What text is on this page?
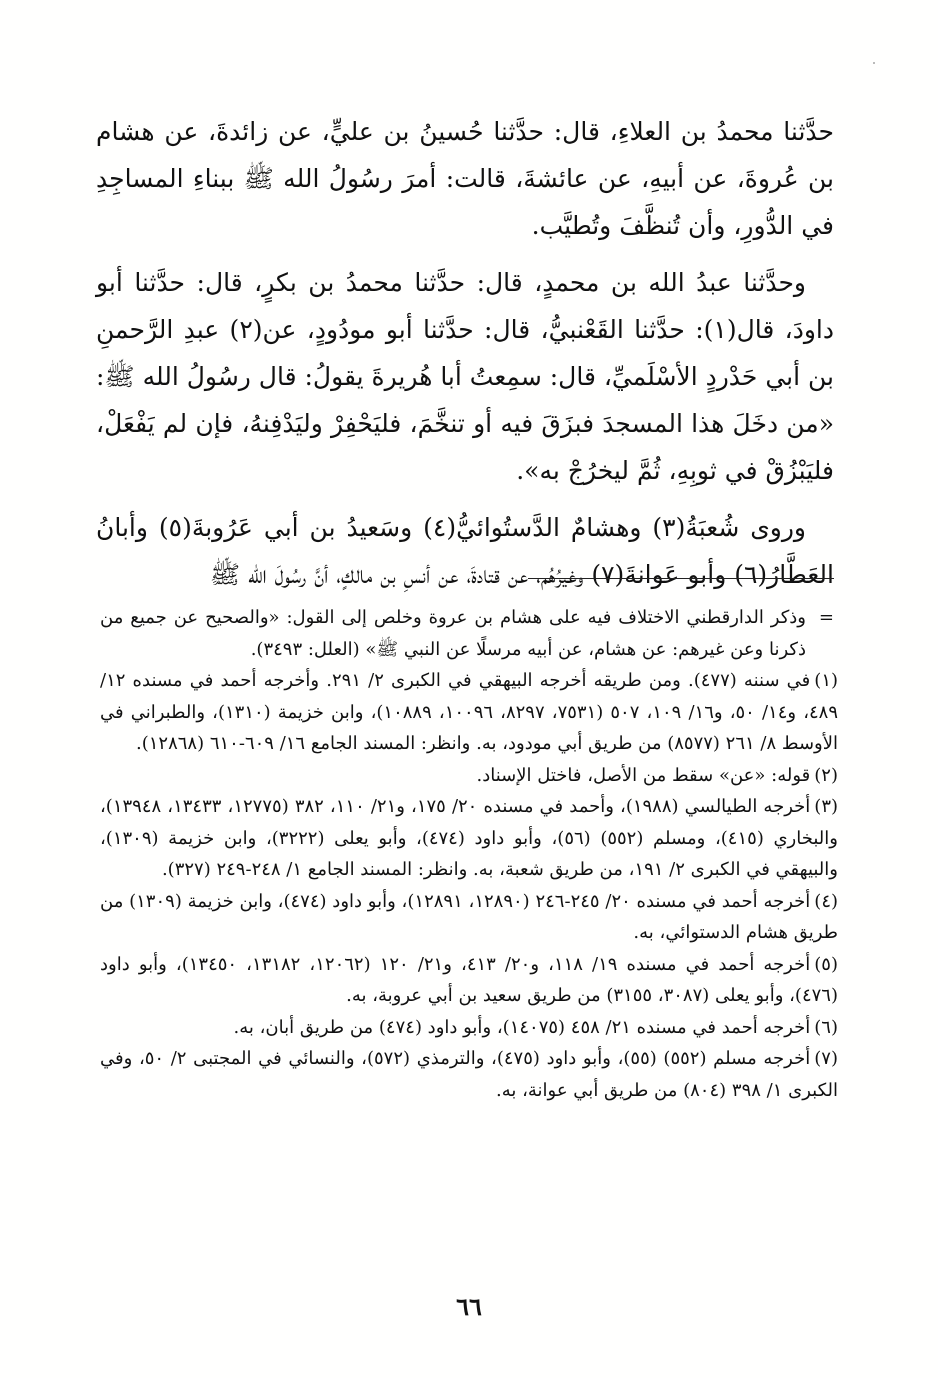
حدَّثنا محمدُ بن العلاءِ، قال: حدَّثنا حُسينُ بن عليٍّ، عن زائدةَ، عن هشام بن عُروةَ، عن أبيهِ، عن عائشةَ، قالت: أمرَ رسُولُ الله ﷺ ببناءِ المساجِدِ في الدُّورِ، وأن تُنظَّفَ وتُطيَّب.

وحدَّثنا عبدُ الله بن محمدٍ، قال: حدَّثنا محمدُ بن بكرٍ، قال: حدَّثنا أبو داودَ، قال(١): حدَّثنا القَعْنبيُّ، قال: حدَّثنا أبو مودُودٍ، عن(٢) عبدِ الرَّحمنِ بن أبي حَدْردٍ الأسْلَميِّ، قال: سمِعتُ أبا هُريرةَ يقولُ: قال رسُولُ الله ﷺ: «من دخَلَ هذا المسجدَ فبزَقَ فيه أو تنخَّمَ، فليَحْفِرْ وليَدْفِنهُ، فإن لم يَفْعَلْ، فليَبْزُقْ في ثوبِهِ، ثُمَّ ليخرُجْ به».

وروى شُعبَةُ(٣) وهشامٌ الدَّستُوائيُّ(٤) وسَعيدُ بن أبي عَرُوبةَ(٥) وأبانُ العَطَّارُ(٦) وأبو عَوانةَ(٧) وغيرُهُم، عن قتادةَ، عن أنسِ بن مالكٍ، أنَّ رسُولَ الله ﷺ

=
وذكر الدارقطني الاختلاف فيه على هشام بن عروة وخلص إلى القول: «والصحيح عن جميع من ذكرنا وعن غيرهم: عن هشام، عن أبيه مرسلًا عن النبي ﷺ» (العلل: ٣٤٩٣).

(١)في سننه (٤٧٧). ومن طريقه أخرجه البيهقي في الكبرى ٢/ ٢٩١. وأخرجه أحمد في مسنده ١٢/ ٤٨٩، و١٤/ ٥٠، و١٦/ ١٠٩، ٥٠٧ (٧٥٣١، ٨٢٩٧، ١٠٠٩٦، ١٠٨٨٩)، وابن خزيمة (١٣١٠)، والطبراني في الأوسط ٨/ ٢٦١ (٨٥٧٧) من طريق أبي مودود، به. وانظر: المسند الجامع ١٦/ ٦٠٩-٦١٠ (١٢٨٦٨).

(٢)قوله: «عن» سقط من الأصل، فاختل الإسناد.

(٣)أخرجه الطيالسي (١٩٨٨)، وأحمد في مسنده ٢٠/ ١٧٥، و٢١/ ١١٠، ٣٨٢ (١٢٧٧٥، ١٣٤٣٣، ١٣٩٤٨)، والبخاري (٤١٥)، ومسلم (٥٥٢) (٥٦)، وأبو داود (٤٧٤)، وأبو يعلى (٣٢٢٢)، وابن خزيمة (١٣٠٩)، والبيهقي في الكبرى ٢/ ١٩١، من طريق شعبة، به. وانظر: المسند الجامع ١/ ٢٤٨-٢٤٩ (٣٢٧).

(٤)أخرجه أحمد في مسنده ٢٠/ ٢٤٥-٢٤٦ (١٢٨٩٠، ١٢٨٩١)، وأبو داود (٤٧٤)، وابن خزيمة (١٣٠٩) من طريق هشام الدستوائي، به.

(٥)أخرجه أحمد في مسنده ١٩/ ١١٨، و٢٠/ ٤١٣، و٢١/ ١٢٠ (١٢٠٦٢، ١٣١٨٢، ١٣٤٥٠)، وأبو داود (٤٧٦)، وأبو يعلى (٣٠٨٧، ٣١٥٥) من طريق سعيد بن أبي عروبة، به.

(٦)أخرجه أحمد في مسنده ٢١/ ٤٥٨ (١٤٠٧٥)، وأبو داود (٤٧٤) من طريق أبان، به.

(٧)أخرجه مسلم (٥٥٢) (٥٥)، وأبو داود (٤٧٥)، والترمذي (٥٧٢)، والنسائي في المجتبى ٢/ ٥٠، وفي الكبرى ١/ ٣٩٨ (٨٠٤) من طريق أبي عوانة، به.

٦٦
